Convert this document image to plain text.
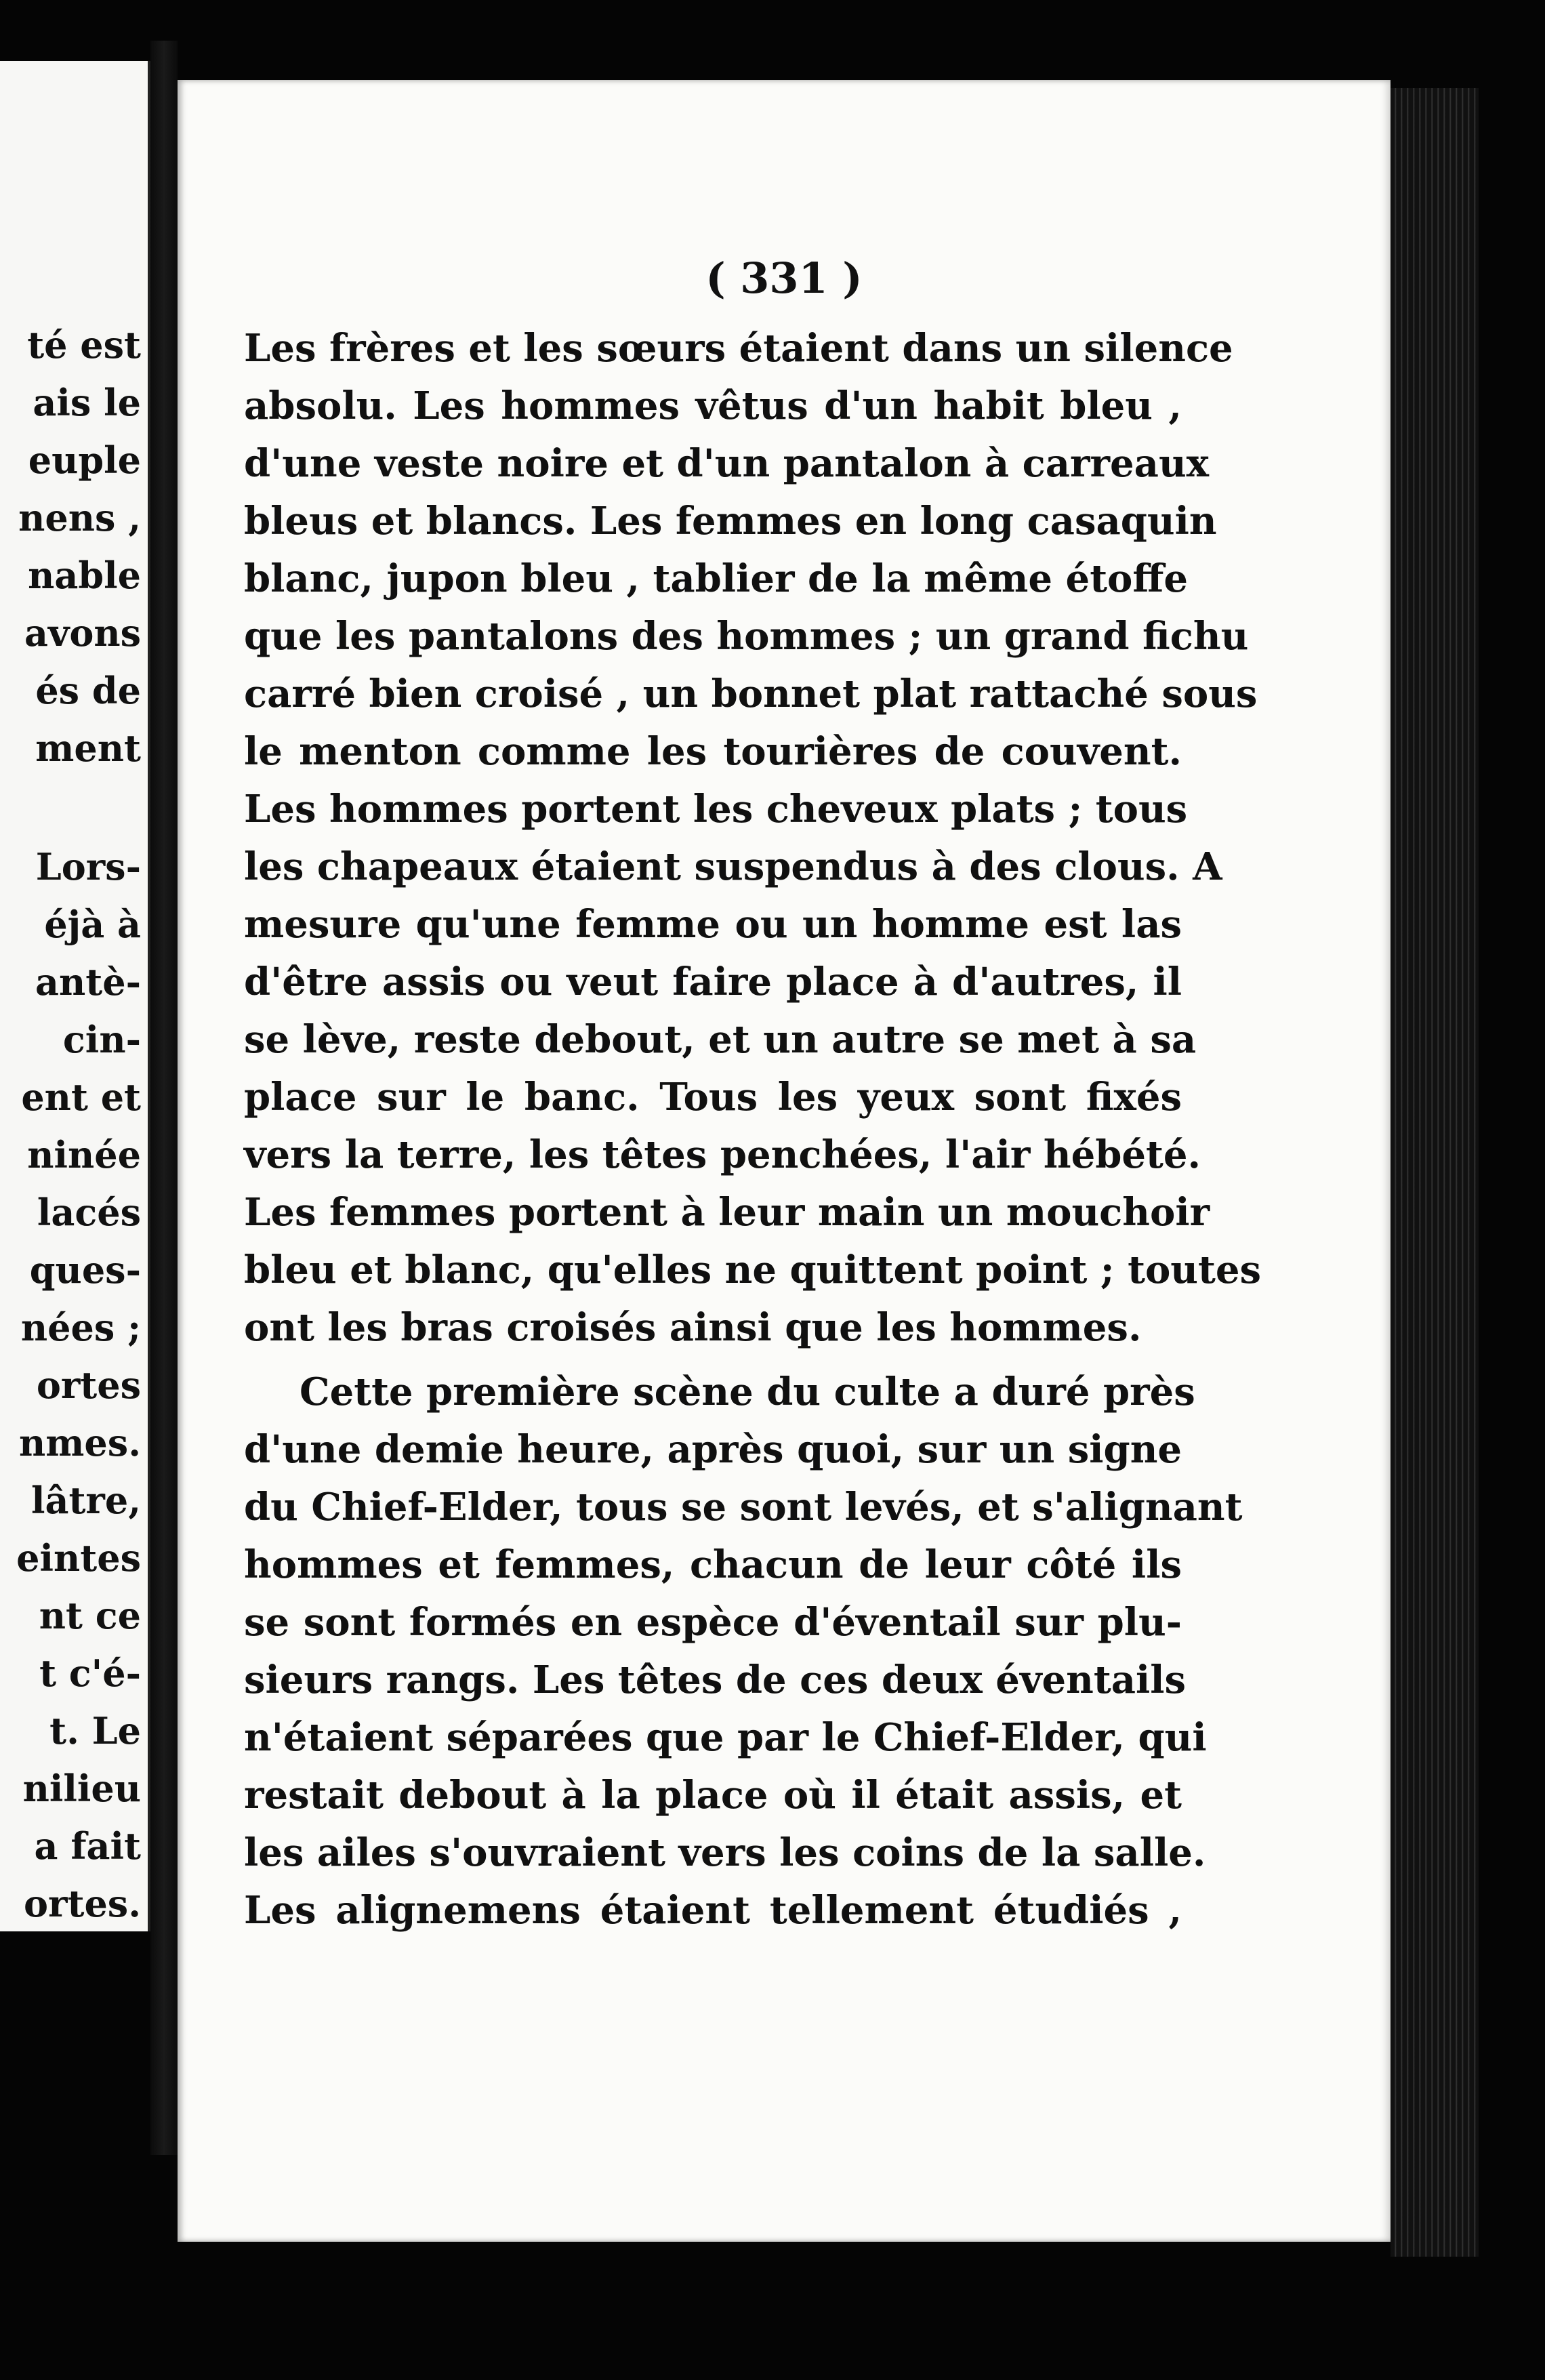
té est
ais le
euple
nens ,
nable
avons
és de
ment
Lors-
éjà à
antè-
cin-
ent et
ninée
lacés
ques-
nées ;
ortes
nmes.
lâtre,
eintes
nt ce
t c'é-
t. Le
nilieu
a fait
ortes.
( 331 )
Les frères et les sœurs étaient dans un silence
absolu. Les hommes vêtus d'un habit bleu ,
d'une veste noire et d'un pantalon à carreaux
bleus et blancs. Les femmes en long casaquin
blanc, jupon bleu , tablier de la même étoffe
que les pantalons des hommes ; un grand fichu
carré bien croisé , un bonnet plat rattaché sous
le menton comme les tourières de couvent.
Les hommes portent les cheveux plats ; tous
les chapeaux étaient suspendus à des clous. A
mesure qu'une femme ou un homme est las
d'être assis ou veut faire place à d'autres, il
se lève, reste debout, et un autre se met à sa
place sur le banc. Tous les yeux sont fixés
vers la terre, les têtes penchées, l'air hébété.
Les femmes portent à leur main un mouchoir
bleu et blanc, qu'elles ne quittent point ; toutes
ont les bras croisés ainsi que les hommes.
Cette première scène du culte a duré près
d'une demie heure, après quoi, sur un signe
du Chief-Elder, tous se sont levés, et s'alignant
hommes et femmes, chacun de leur côté ils
se sont formés en espèce d'éventail sur plu-
sieurs rangs. Les têtes de ces deux éventails
n'étaient séparées que par le Chief-Elder, qui
restait debout à la place où il était assis, et
les ailes s'ouvraient vers les coins de la salle.
Les alignemens étaient tellement étudiés ,
